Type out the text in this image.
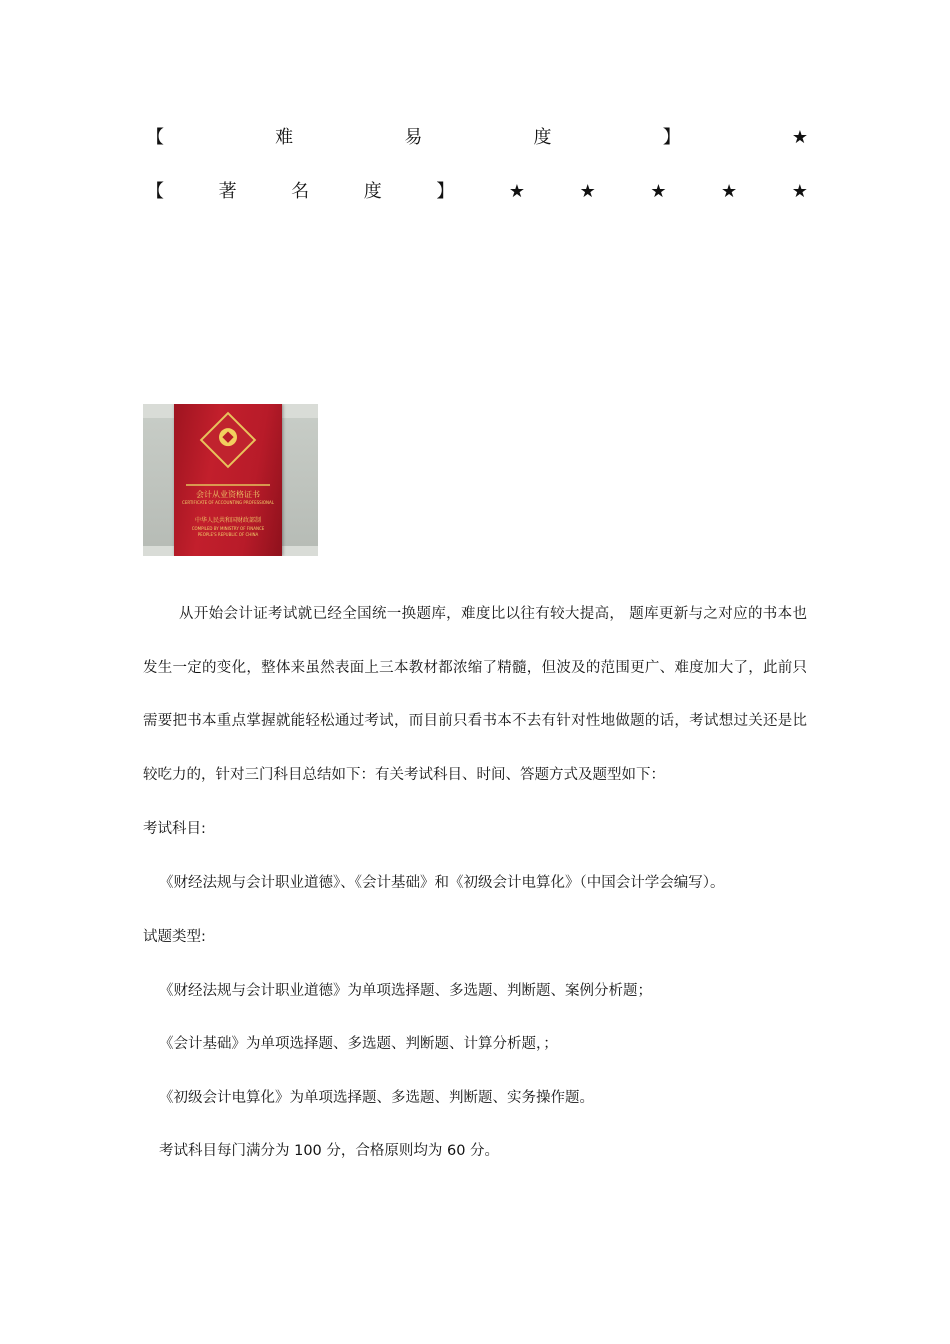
【	难	易	度	】	★
【	著	名	度	】	★	★	★	★	★
会计从业资格证书
CERTIFICATE OF ACCOUNTING PROFESSIONAL
中华人民共和国财政部制
COMPILED BY MINISTRY OF FINANCE
PEOPLE'S REPUBLIC OF CHINA

从开始会计证考试就已经全国统一换题库，难度比以往有较大提高， 题库更新与之对应的书本也发生一定的变化，整体来虽然表面上三本教材都浓缩了精髓，但波及的范围更广、难度加大了，此前只需要把书本重点掌握就能轻松通过考试，而目前只看书本不去有针对性地做题的话，考试想过关还是比较吃力的，针对三门科目总结如下：有关考试科目、时间、答题方式及题型如下：

考试科目:
《财经法规与会计职业道德》、《会计基础》和《初级会计电算化》（中国会计学会编写）。
试题类型:
《财经法规与会计职业道德》为单项选择题、多选题、判断题、案例分析题；
《会计基础》为单项选择题、多选题、判断题、计算分析题，；
《初级会计电算化》为单项选择题、多选题、判断题、实务操作题。
考试科目每门满分为 100 分，合格原则均为 60 分。
